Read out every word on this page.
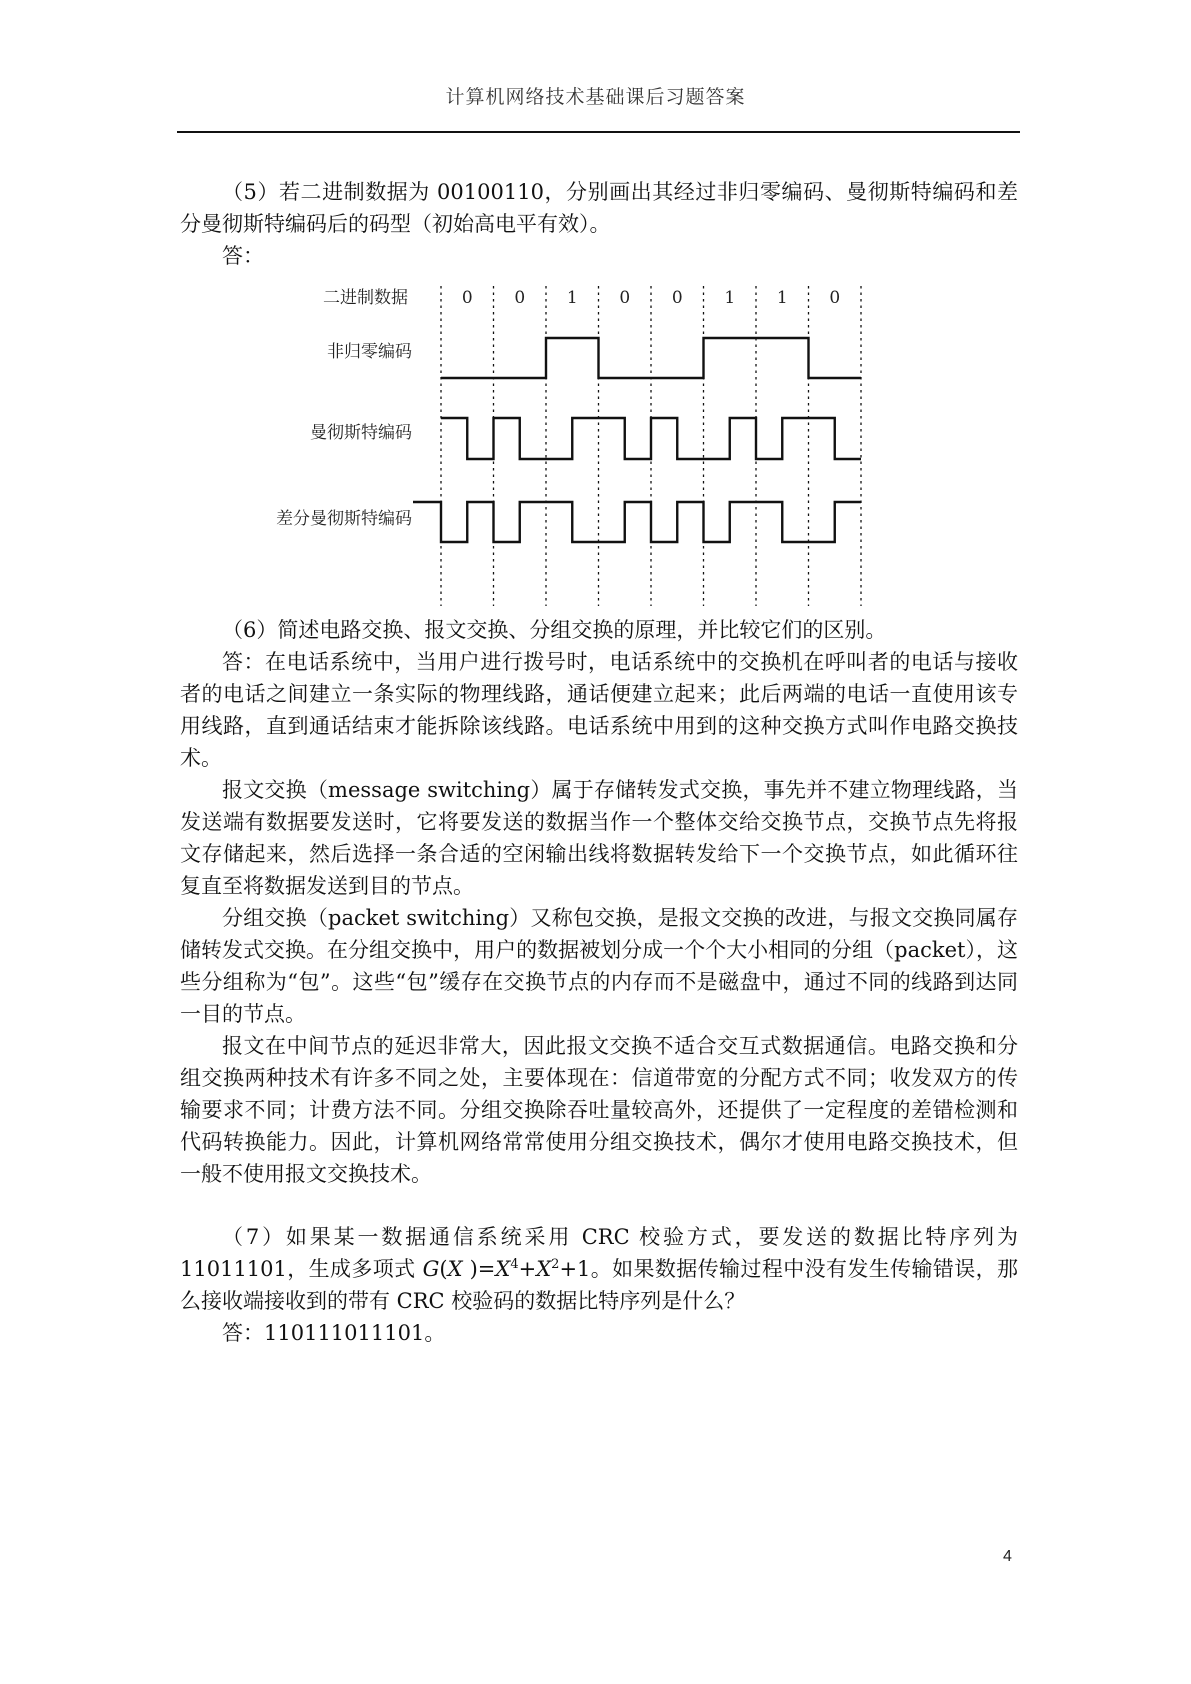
计算机网络技术基础课后习题答案

（5）若二进制数据为 00100110，分别画出其经过非归零编码、曼彻斯特编码和差分曼彻斯特编码后的码型（初始高电平有效）。

答：

二进制数据
非归零编码
曼彻斯特编码
差分曼彻斯特编码
0 0 1 0 0 1 1 0

（6）简述电路交换、报文交换、分组交换的原理，并比较它们的区别。

答：在电话系统中，当用户进行拨号时，电话系统中的交换机在呼叫者的电话与接收者的电话之间建立一条实际的物理线路，通话便建立起来；此后两端的电话一直使用该专用线路，直到通话结束才能拆除该线路。电话系统中用到的这种交换方式叫作电路交换技术。

报文交换（message switching）属于存储转发式交换，事先并不建立物理线路，当发送端有数据要发送时，它将要发送的数据当作一个整体交给交换节点，交换节点先将报文存储起来，然后选择一条合适的空闲输出线将数据转发给下一个交换节点，如此循环往复直至将数据发送到目的节点。

分组交换（packet switching）又称包交换，是报文交换的改进，与报文交换同属存储转发式交换。在分组交换中，用户的数据被划分成一个个大小相同的分组（packet），这些分组称为“包”。这些“包”缓存在交换节点的内存而不是磁盘中，通过不同的线路到达同一目的节点。

报文在中间节点的延迟非常大，因此报文交换不适合交互式数据通信。电路交换和分组交换两种技术有许多不同之处，主要体现在：信道带宽的分配方式不同；收发双方的传输要求不同；计费方法不同。分组交换除吞吐量较高外，还提供了一定程度的差错检测和代码转换能力。因此，计算机网络常常使用分组交换技术，偶尔才使用电路交换技术，但一般不使用报文交换技术。

（7）如果某一数据通信系统采用 CRC 校验方式，要发送的数据比特序列为 11011101，生成多项式 G(X )$=X^4+X^2+1$。如果数据传输过程中没有发生传输错误，那么接收端接收到的带有 CRC 校验码的数据比特序列是什么？

答：110111011101。

4
